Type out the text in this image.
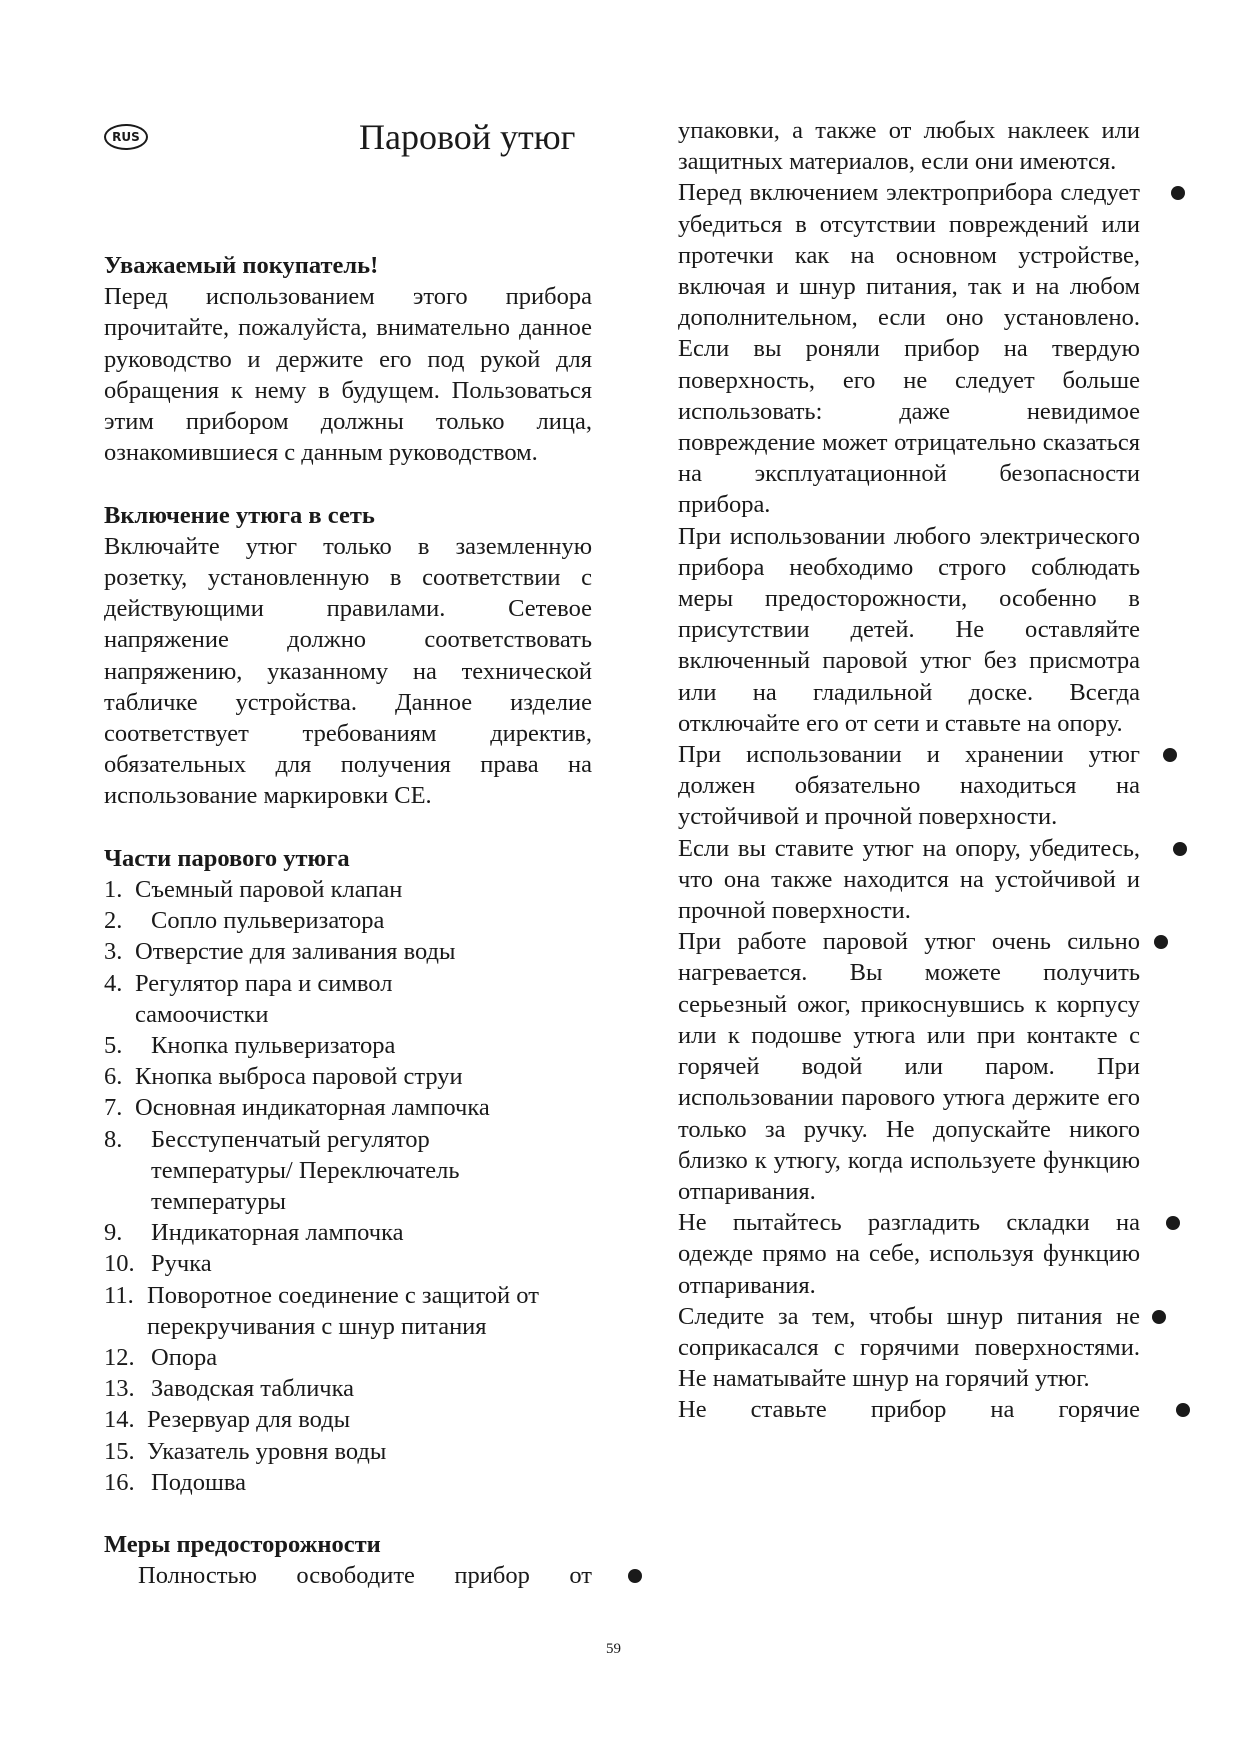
RUS	Паровой утюг

Уважаемый покупатель!

Перед использованием этого прибора прочитайте, пожалуйста, внимательно данное руководство и держите его под рукой для обращения к нему в будущем. Пользоваться этим прибором должны только лица, ознакомившиеся с данным руководством.

Включение утюга в сеть

Включайте утюг только в заземленную розетку, установленную в соответствии с действующими правилами. Сетевое напряжение должно соответствовать напряжению, указанному на технической табличке устройства. Данное изделие соответствует требованиям директив, обязательных для получения права на использование маркировки CE.

Части парового утюга

1. Съемный паровой клапан
2.	Сопло пульверизатора
3. Отверстие для заливания воды
4. Регулятор пара и символ самоочистки
5.	Кнопка пульверизатора
6. Кнопка выброса паровой струи
7. Основная индикаторная лампочка
8.	Бесступенчатый регулятор температуры/ Переключатель температуры
9.	Индикаторная лампочка
10. Ручка
11. Поворотное соединение с защитой от перекручивания с шнур питания
12. Опора
13. Заводская табличка
14. Резервуар для воды
15. Указатель уровня воды
16. Подошва

Меры предосторожности

Полностью освободите прибор от

упаковки, а также от любых наклеек или защитных материалов, если они имеются.

Перед включением электроприбора следует убедиться в отсутствии повреждений или протечки как на основном устройстве, включая и шнур питания, так и на любом дополнительном, если оно установлено. Если вы роняли прибор на твердую поверхность, его не следует больше использовать: даже невидимое повреждение может отрицательно сказаться на эксплуатационной безопасности прибора.

При использовании любого электрического прибора необходимо строго соблюдать меры предосторожности, особенно в присутствии детей. Не оставляйте включенный паровой утюг без присмотра или на гладильной доске. Всегда отключайте его от сети и ставьте на опору.

При использовании и хранении утюг должен обязательно находиться на устойчивой и прочной поверхности.

Если вы ставите утюг на опору, убедитесь, что она также находится на устойчивой и прочной поверхности.

При работе паровой утюг очень сильно нагревается. Вы можете получить серьезный ожог, прикоснувшись к корпусу или к подошве утюга или при контакте с горячей водой или паром. При использовании парового утюга держите его только за ручку. Не допускайте никого близко к утюгу, когда используете функцию отпаривания.

Не пытайтесь разгладить складки на одежде прямо на себе, используя функцию отпаривания.

Следите за тем, чтобы шнур питания не соприкасался с горячими поверхностями. Не наматывайте шнур на горячий утюг.

Не ставьте прибор на горячие

59
